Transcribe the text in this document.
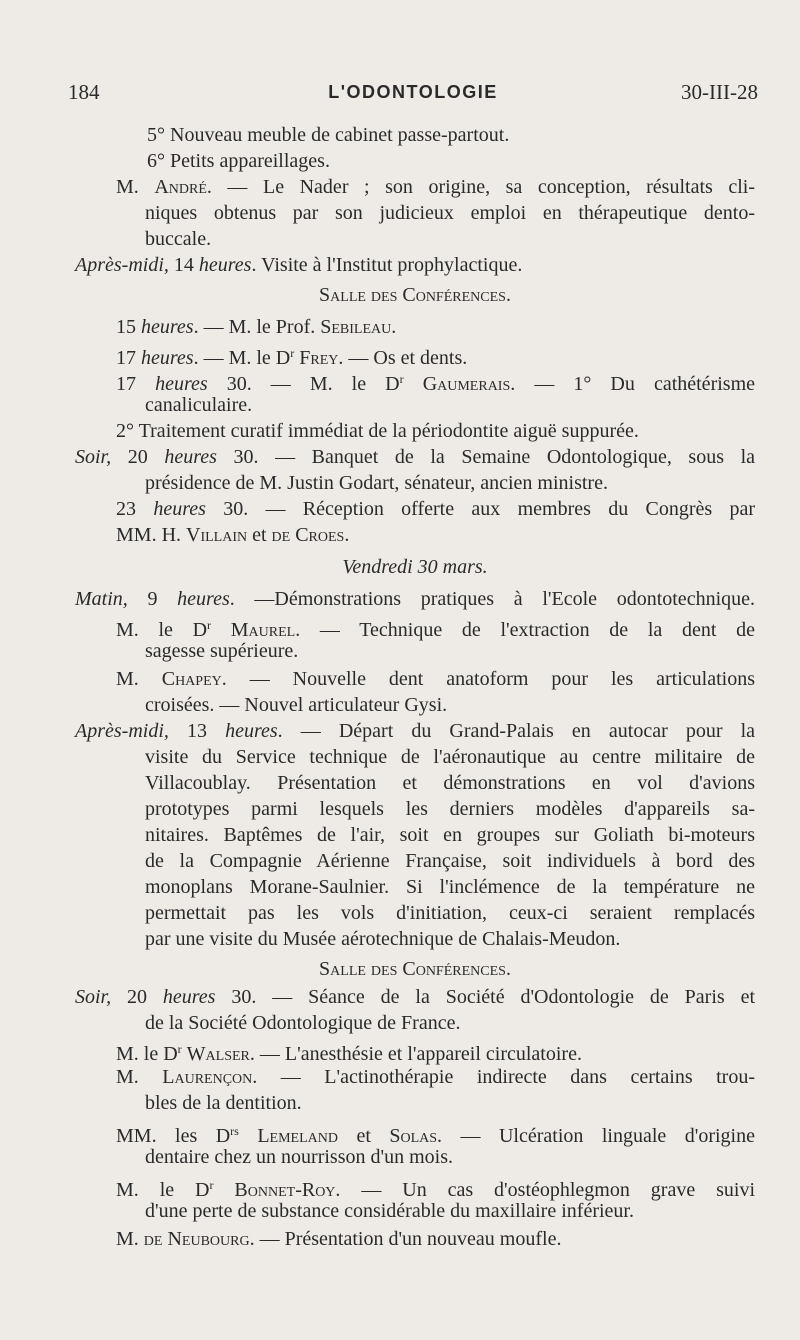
184	L'ODONTOLOGIE	30-III-28
5° Nouveau meuble de cabinet passe-partout.
6° Petits appareillages.
M. André. — Le Nader ; son origine, sa conception, résultats cli-
niques obtenus par son judicieux emploi en thérapeutique dento-
buccale.
Après-midi, 14 heures. Visite à l'Institut prophylactique.
Salle des Conférences.
15 heures. — M. le Prof. Sebileau.
17 heures. — M. le $D^r$ Frey. — Os et dents.
17 heures 30. — M. le $D^r$ Gaumerais. — 1° Du cathétérisme
canaliculaire.
2° Traitement curatif immédiat de la périodontite aiguë suppurée.
Soir, 20 heures 30. — Banquet de la Semaine Odontologique, sous la
présidence de M. Justin Godart, sénateur, ancien ministre.
23 heures 30. — Réception offerte aux membres du Congrès par
MM. H. Villain et de Croes.
Vendredi 30 mars.
Matin, 9 heures. —Démonstrations pratiques à l'Ecole odontotechnique.
M. le $D^r$ Maurel. — Technique de l'extraction de la dent de
sagesse supérieure.
M. Chapey. — Nouvelle dent anatoform pour les articulations
croisées. — Nouvel articulateur Gysi.
Après-midi, 13 heures. — Départ du Grand-Palais en autocar pour la
visite du Service technique de l'aéronautique au centre militaire de
Villacoublay. Présentation et démonstrations en vol d'avions
prototypes parmi lesquels les derniers modèles d'appareils sa-
nitaires. Baptêmes de l'air, soit en groupes sur Goliath bi-moteurs
de la Compagnie Aérienne Française, soit individuels à bord des
monoplans Morane-Saulnier. Si l'inclémence de la température ne
permettait pas les vols d'initiation, ceux-ci seraient remplacés
par une visite du Musée aérotechnique de Chalais-Meudon.
Salle des Conférences.
Soir, 20 heures 30. — Séance de la Société d'Odontologie de Paris et
de la Société Odontologique de France.
M. le $D^r$ Walser. — L'anesthésie et l'appareil circulatoire.
M. Laurençon. — L'actinothérapie indirecte dans certains trou-
bles de la dentition.
MM. les $D^{rs}$ Lemeland et Solas. — Ulcération linguale d'origine
dentaire chez un nourrisson d'un mois.
M. le $D^r$ Bonnet-Roy. — Un cas d'ostéophlegmon grave suivi
d'une perte de substance considérable du maxillaire inférieur.
M. de Neubourg. — Présentation d'un nouveau moufle.
